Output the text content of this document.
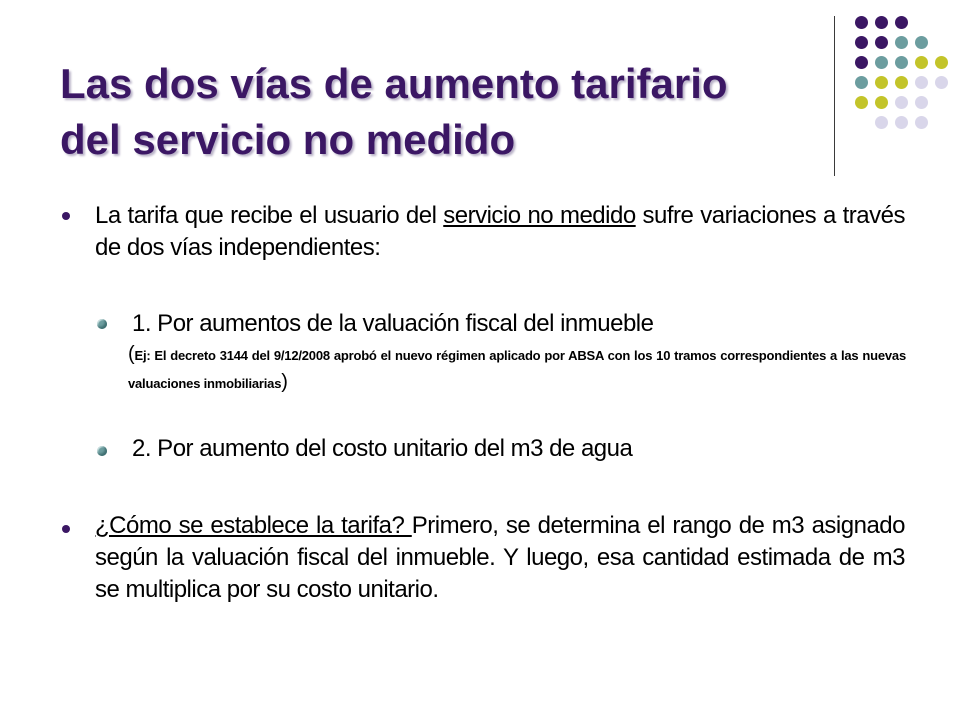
Las dos vías de aumento tarifario
del servicio no medido

La tarifa que recibe el usuario del servicio no medido sufre variaciones a través de dos vías independientes:

1. Por aumentos de la valuación fiscal del inmueble

(Ej: El decreto 3144 del 9/12/2008 aprobó el nuevo régimen aplicado por ABSA con los 10 tramos correspondientes a las nuevas valuaciones inmobiliarias)

2. Por aumento del costo unitario del m3 de agua

¿Cómo se establece la tarifa? Primero, se determina el rango de m3 asignado según la valuación fiscal del inmueble. Y luego, esa cantidad estimada de m3 se multiplica por su costo unitario.
